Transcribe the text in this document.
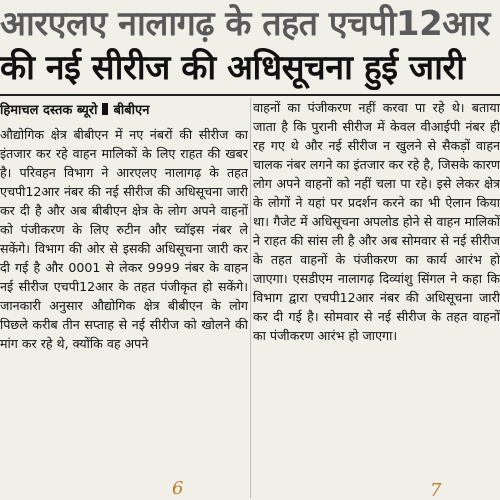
आरएलए नालागढ़ के तहत एचपी12आर
की नई सीरीज की अधिसूचना हुई जारी
हिमाचल दस्तक ब्यूरो बीबीएन

औद्योगिक क्षेत्र बीबीएन में नए नंबरों की सीरीज का इंतजार कर रहे वाहन मालिकों के लिए राहत की खबर है। परिवहन विभाग ने आरएलए नालागढ़ के तहत एचपी12आर नंबर की नई सीरीज की अधिसूचना जारी कर दी है और अब बीबीएन क्षेत्र के लोग अपने वाहनों को पंजीकरण के लिए रुटीन और च्वॉइस नंबर ले सकेंगे। विभाग की ओर से इसकी अधिसूचना जारी कर दी गई है और 0001 से लेकर 9999 नंबर के वाहन नई सीरीज एचपी12आर के तहत पंजीकृत हो सकेंगे। जानकारी अनुसार औद्योगिक क्षेत्र बीबीएन के लोग पिछले करीब तीन सप्ताह से नई सीरीज को खोलने की मांग कर रहे थे, क्योंकि वह अपने

वाहनों का पंजीकरण नहीं करवा पा रहे थे। बताया जाता है कि पुरानी सीरीज में केवल वीआईपी नंबर ही रह गए थे और नई सीरीज न खुलने से सैकड़ों वाहन चालक नंबर लगने का इंतजार कर रहे है, जिसके कारण लोग अपने वाहनों को नहीं चला पा रहे। इसे लेकर क्षेत्र के लोगों ने यहां पर प्रदर्शन करने का भी ऐलान किया था। गैजेट में अधिसूचना अपलोड होने से वाहन मालिकों ने राहत की सांस ली है और अब सोमवार से नई सीरीज के तहत वाहनों के पंजीकरण का कार्य आरंभ हो जाएगा। एसडीएम नालागढ़ दिव्यांशु सिंगल ने कहा कि विभाग द्वारा एचपी12आर नंबर की अधिसूचना जारी कर दी गई है। सोमवार से नई सीरीज के तहत वाहनों का पंजीकरण आरंभ हो जाएगा।

6	7
